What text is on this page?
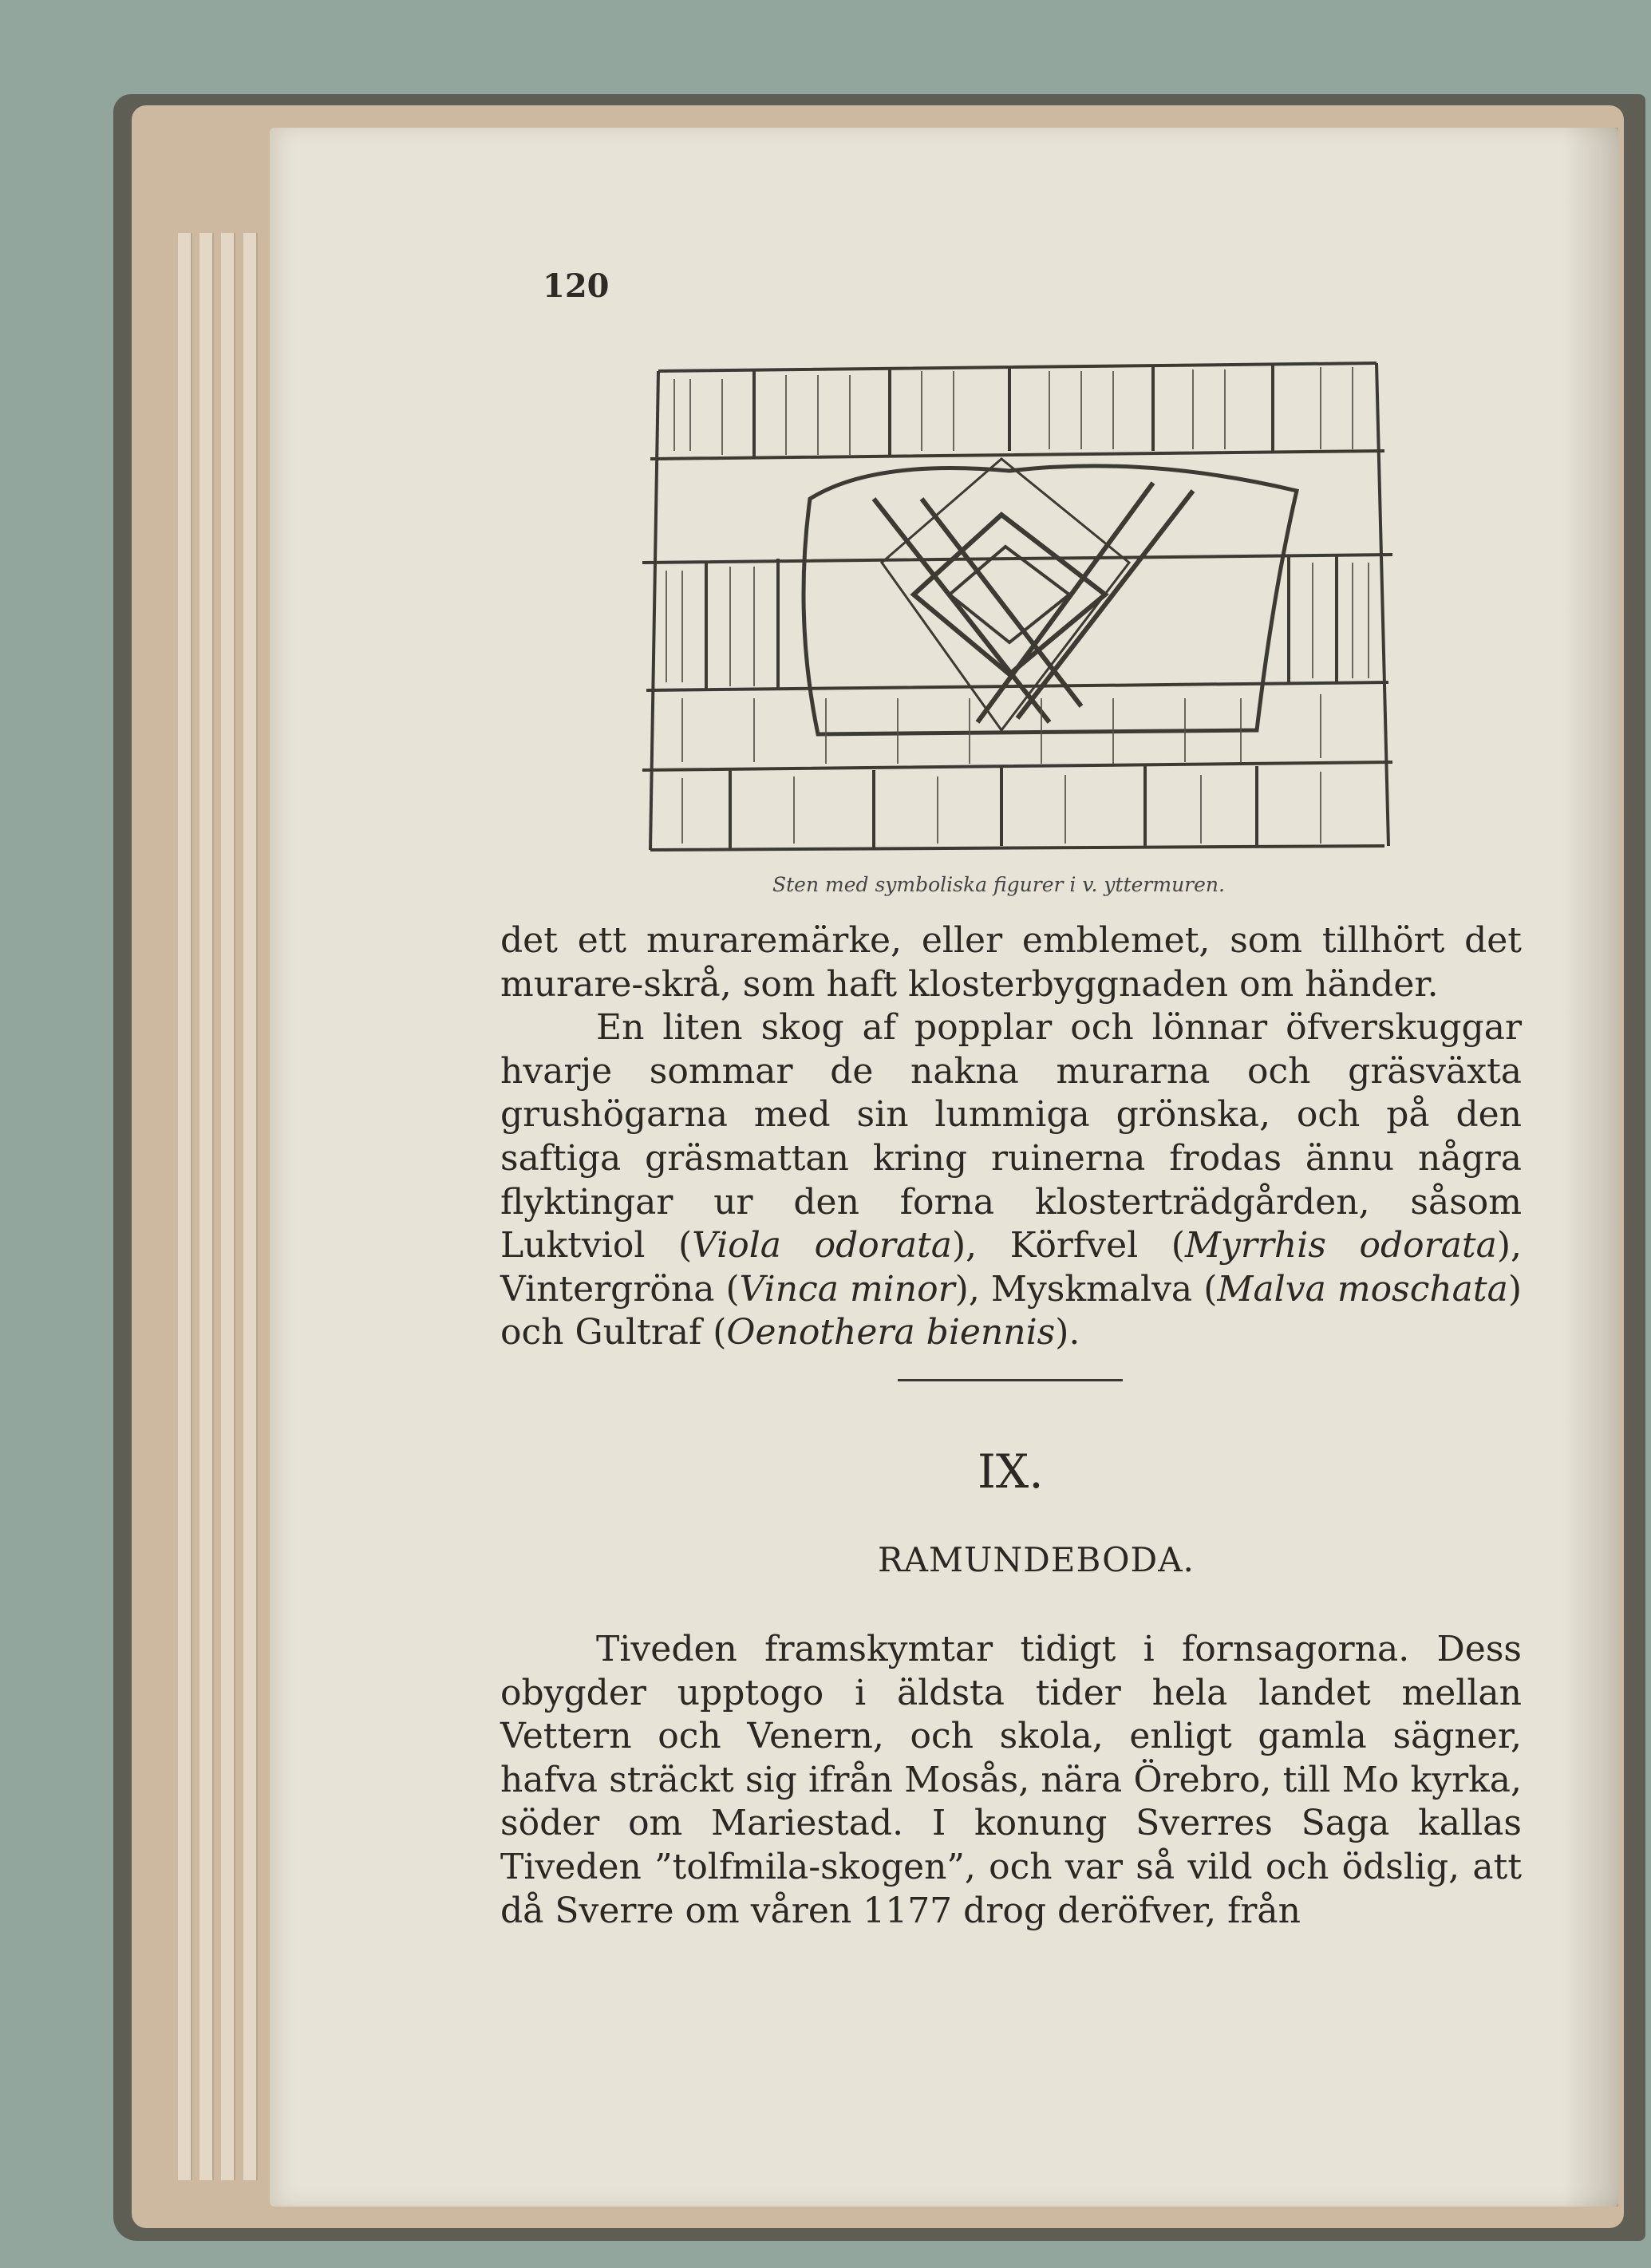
120
Sten med symboliska figurer i v. yttermuren.

det ett muraremärke, eller emblemet, som tillhört det murare-skrå, som haft klosterbyggnaden om händer.

En liten skog af popplar och lönnar öfverskuggar hvarje sommar de nakna murarna och gräsväxta grushögarna med sin lummiga grönska, och på den saftiga gräsmattan kring ruinerna frodas ännu några flyktingar ur den forna klosterträdgården, såsom Luktviol (Viola odorata), Körfvel (Myrrhis odorata), Vintergröna (Vinca minor), Myskmalva (Malva moschata) och Gultraf (Oenothera biennis).

IX.
RAMUNDEBODA.

Tiveden framskymtar tidigt i fornsagorna. Dess obygder upptogo i äldsta tider hela landet mellan Vettern och Venern, och skola, enligt gamla sägner, hafva sträckt sig ifrån Mosås, nära Örebro, till Mo kyrka, söder om Mariestad. I konung Sverres Saga kallas Tiveden ”tolfmila-skogen”, och var så vild och ödslig, att då Sverre om våren 1177 drog deröfver, från
